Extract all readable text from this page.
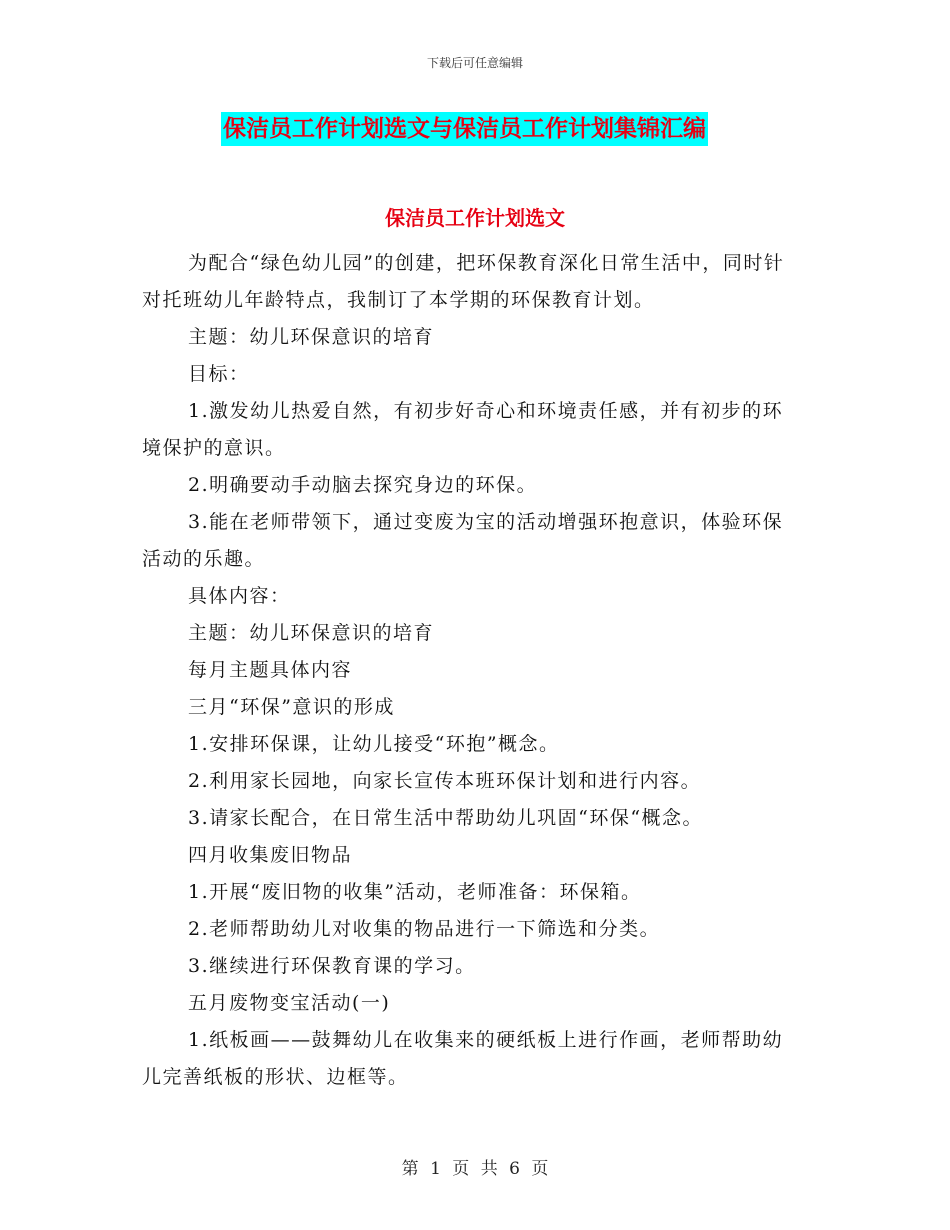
下载后可任意编辑
保洁员工作计划选文与保洁员工作计划集锦汇编
保洁员工作计划选文

为配合“绿色幼儿园”的创建，把环保教育深化日常生活中，同时针对托班幼儿年龄特点，我制订了本学期的环保教育计划。

主题：幼儿环保意识的培育

目标：

1.激发幼儿热爱自然，有初步好奇心和环境责任感，并有初步的环境保护的意识。

2.明确要动手动脑去探究身边的环保。

3.能在老师带领下，通过变废为宝的活动增强环抱意识，体验环保活动的乐趣。

具体内容：

主题：幼儿环保意识的培育

每月主题具体内容

三月“环保”意识的形成

1.安排环保课，让幼儿接受“环抱”概念。

2.利用家长园地，向家长宣传本班环保计划和进行内容。

3.请家长配合，在日常生活中帮助幼儿巩固“环保“概念。

四月收集废旧物品

1.开展“废旧物的收集”活动，老师准备：环保箱。

2.老师帮助幼儿对收集的物品进行一下筛选和分类。

3.继续进行环保教育课的学习。

五月废物变宝活动(一)

1.纸板画——鼓舞幼儿在收集来的硬纸板上进行作画，老师帮助幼儿完善纸板的形状、边框等。

第 1 页 共 6 页
